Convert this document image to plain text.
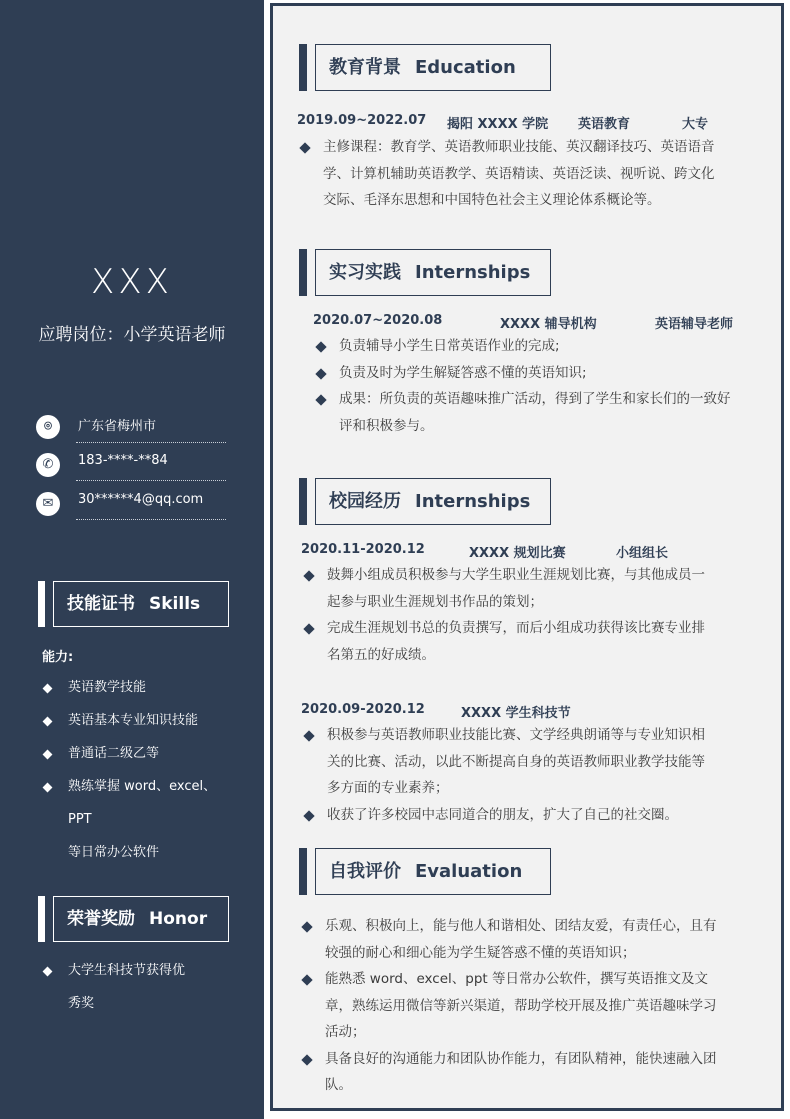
XXX
应聘岗位：小学英语老师
⌾	广东省梅州市
✆	183-****-**84
✉	30******4@qq.com
技能证书 Skills
能力:
英语教学技能
英语基本专业知识技能
普通话二级乙等
熟练掌握 word、excel、
PPT
等日常办公软件
荣誉奖励 Honor
大学生科技节获得优
秀奖
教育背景 Education
2019.09~2022.07 揭阳 XXXX 学院 英语教育	大专
主修课程：教育学、英语教师职业技能、英汉翻译技巧、英语语音
学、计算机辅助英语教学、英语精读、英语泛读、视听说、跨文化
交际、毛泽东思想和中国特色社会主义理论体系概论等。
实习实践 Internships
2020.07~2020.08	XXXX 辅导机构	英语辅导老师
负责辅导小学生日常英语作业的完成;
负责及时为学生解疑答惑不懂的英语知识;
成果：所负责的英语趣味推广活动，得到了学生和家长们的一致好
评和积极参与。
校园经历 Internships
2020.11-2020.12	XXXX 规划比赛	小组组长
鼓舞小组成员积极参与大学生职业生涯规划比赛，与其他成员一
起参与职业生涯规划书作品的策划；
完成生涯规划书总的负责撰写，而后小组成功获得该比赛专业排
名第五的好成绩。
2020.09-2020.12	XXXX 学生科技节
积极参与英语教师职业技能比赛、文学经典朗诵等与专业知识相
关的比赛、活动，以此不断提高自身的英语教师职业教学技能等
多方面的专业素养；
收获了许多校园中志同道合的朋友，扩大了自己的社交圈。
自我评价 Evaluation
乐观、积极向上，能与他人和谐相处、团结友爱，有责任心，且有
较强的耐心和细心能为学生疑答惑不懂的英语知识；
能熟悉 word、excel、ppt 等日常办公软件，撰写英语推文及文
章，熟练运用微信等新兴渠道，帮助学校开展及推广英语趣味学习
活动；
具备良好的沟通能力和团队协作能力，有团队精神，能快速融入团
队。
